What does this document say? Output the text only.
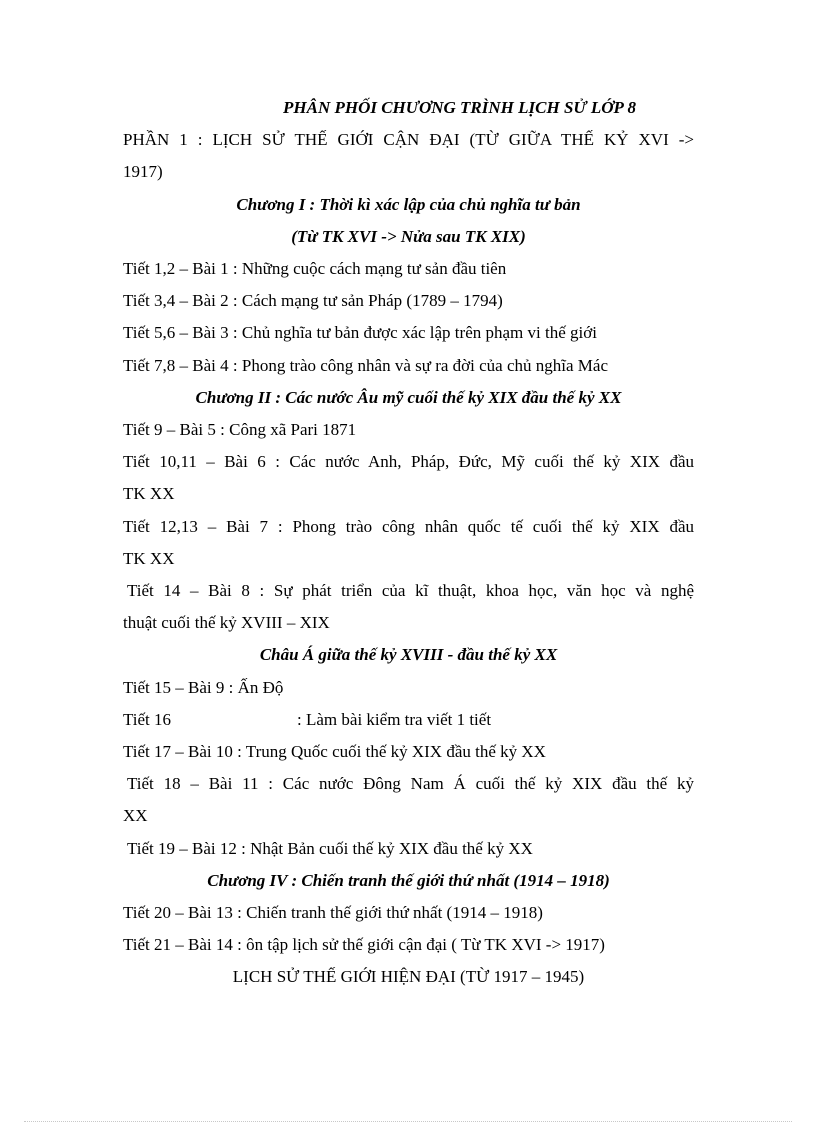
PHÂN PHỐI CHƯƠNG TRÌNH LỊCH SỬ LỚP 8
PHẦN 1 : LỊCH SỬ THẾ GIỚI CẬN ĐẠI (TỪ GIỮA THẾ KỶ XVI ->
1917)
Chương I : Thời kì xác lập của chủ nghĩa tư bản
(Từ TK XVI -> Nửa sau TK XIX)
Tiết 1,2 – Bài 1 : Những cuộc cách mạng tư sản đầu tiên
Tiết 3,4 – Bài 2 : Cách mạng tư sản Pháp (1789 – 1794)
Tiết 5,6 – Bài 3 : Chủ nghĩa tư bản được xác lập trên phạm vi thế giới
Tiết 7,8 – Bài 4 : Phong trào công nhân và sự ra đời của chủ nghĩa Mác
Chương II : Các nước Âu mỹ cuối thế kỷ XIX đầu thế kỷ XX
Tiết 9 – Bài 5 : Công xã Pari 1871
Tiết 10,11 – Bài 6 : Các nước Anh, Pháp, Đức, Mỹ cuối thế kỷ XIX đầu
TK XX
Tiết 12,13 – Bài 7 : Phong trào công nhân quốc tế cuối thế kỷ XIX đầu
TK XX
Tiết 14 – Bài 8 : Sự phát triển của kĩ thuật, khoa học, văn học và nghệ
thuật cuối thế kỷ XVIII – XIX
Châu Á giữa thế kỷ XVIII - đầu thế kỷ XX
Tiết 15 – Bài 9 : Ấn Độ
Tiết 16	: Làm bài kiểm tra viết 1 tiết
Tiết 17 – Bài 10 : Trung Quốc cuối thế kỷ XIX đầu thế kỷ XX
Tiết 18 – Bài 11 : Các nước Đông Nam Á cuối thế kỷ XIX đầu thế kỷ
XX
Tiết 19 – Bài 12 : Nhật Bản cuối thế kỷ XIX đầu thế kỷ XX
Chương IV : Chiến tranh thế giới thứ nhất (1914 – 1918)
Tiết 20 – Bài 13 : Chiến tranh thế giới thứ nhất (1914 – 1918)
Tiết 21 – Bài 14 : ôn tập lịch sử thế giới cận đại ( Từ TK XVI -> 1917)
LỊCH SỬ THẾ GIỚI HIỆN ĐẠI (TỪ 1917 – 1945)
